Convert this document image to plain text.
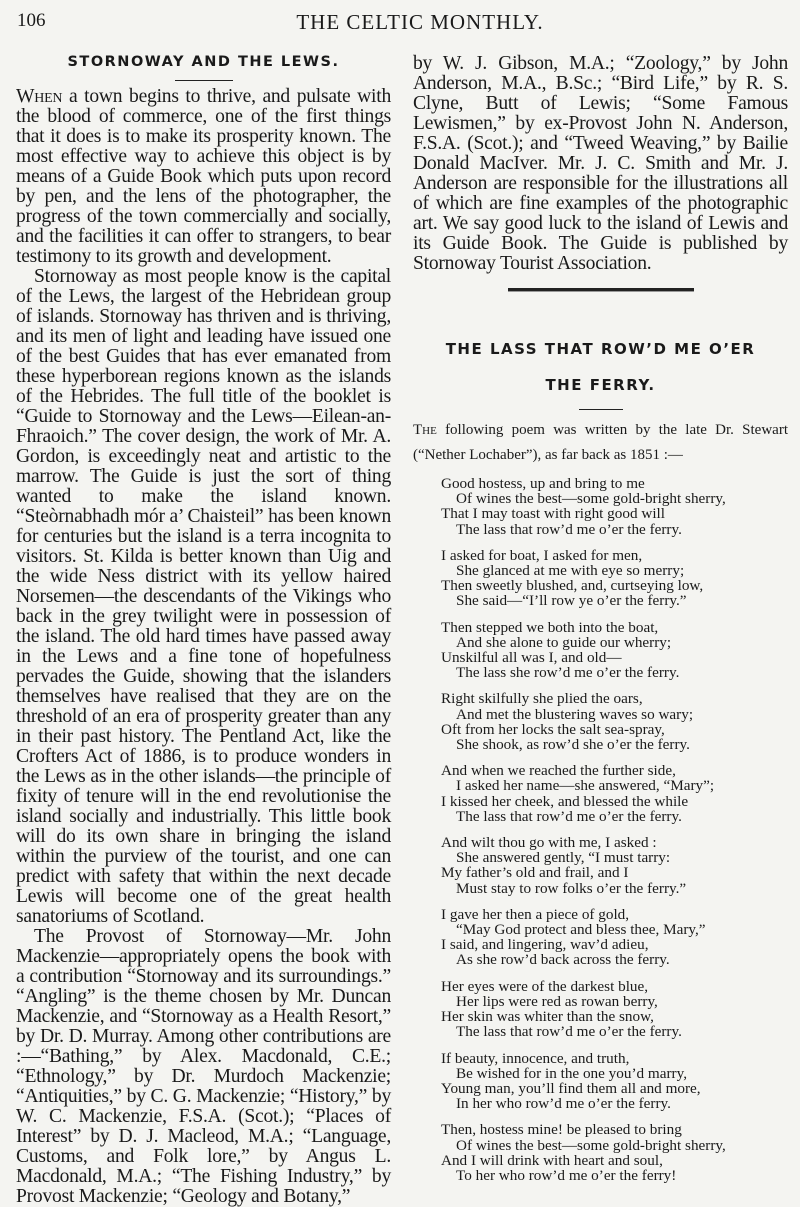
106	THE CELTIC MONTHLY.
STORNOWAY AND THE LEWS.

When a town begins to thrive, and pulsate with the blood of commerce, one of the first things that it does is to make its prosperity known. The most effective way to achieve this object is by means of a Guide Book which puts upon record by pen, and the lens of the photographer, the progress of the town commercially and socially, and the facilities it can offer to strangers, to bear testimony to its growth and development.

Stornoway as most people know is the capital of the Lews, the largest of the Hebridean group of islands. Stornoway has thriven and is thriving, and its men of light and leading have issued one of the best Guides that has ever emanated from these hyperborean regions known as the islands of the Hebrides. The full title of the booklet is “Guide to Stornoway and the Lews—Eilean-an-Fhraoich.” The cover design, the work of Mr. A. Gordon, is exceedingly neat and artistic to the marrow. The Guide is just the sort of thing wanted to make the island known. “Steòrnabhadh mór a’ Chaisteil” has been known for centuries but the island is a terra incognita to visitors. St. Kilda is better known than Uig and the wide Ness district with its yellow haired Norsemen—the descendants of the Vikings who back in the grey twilight were in possession of the island. The old hard times have passed away in the Lews and a fine tone of hopefulness pervades the Guide, showing that the islanders themselves have realised that they are on the threshold of an era of prosperity greater than any in their past history. The Pentland Act, like the Crofters Act of 1886, is to produce wonders in the Lews as in the other islands—the principle of fixity of tenure will in the end revolutionise the island socially and industrially. This little book will do its own share in bringing the island within the purview of the tourist, and one can predict with safety that within the next decade Lewis will become one of the great health sanatoriums of Scotland.

The Provost of Stornoway—Mr. John Mackenzie—appropriately opens the book with a contribution “Stornoway and its surroundings.” “Angling” is the theme chosen by Mr. Duncan Mackenzie, and “Stornoway as a Health Resort,” by Dr. D. Murray. Among other contributions are :—“Bathing,” by Alex. Macdonald, C.E.; “Ethnology,” by Dr. Murdoch Mackenzie; “Antiquities,” by C. G. Mackenzie; “History,” by W. C. Mackenzie, F.S.A. (Scot.); “Places of Interest” by D. J. Macleod, M.A.; “Language, Customs, and Folk lore,” by Angus L. Macdonald, M.A.; “The Fishing Industry,” by Provost Mackenzie; “Geology and Botany,”

by W. J. Gibson, M.A.; “Zoology,” by John Anderson, M.A., B.Sc.; “Bird Life,” by R. S. Clyne, Butt of Lewis; “Some Famous Lewismen,” by ex-Provost John N. Anderson, F.S.A. (Scot.); and “Tweed Weaving,” by Bailie Donald MacIver. Mr. J. C. Smith and Mr. J. Anderson are responsible for the illustrations all of which are fine examples of the photographic art. We say good luck to the island of Lewis and its Guide Book. The Guide is published by Stornoway Tourist Association.

THE LASS THAT ROW’D ME O’ER
THE FERRY.

The following poem was written by the late Dr. Stewart (“Nether Lochaber”), as far back as 1851 :—

Good hostess, up and bring to me
Of wines the best—some gold-bright sherry,
That I may toast with right good will
The lass that row’d me o’er the ferry.
I asked for boat, I asked for men,
She glanced at me with eye so merry;
Then sweetly blushed, and, curtseying low,
She said—“I’ll row ye o’er the ferry.”
Then stepped we both into the boat,
And she alone to guide our wherry;
Unskilful all was I, and old—
The lass she row’d me o’er the ferry.
Right skilfully she plied the oars,
And met the blustering waves so wary;
Oft from her locks the salt sea-spray,
She shook, as row’d she o’er the ferry.
And when we reached the further side,
I asked her name—she answered, “Mary”;
I kissed her cheek, and blessed the while
The lass that row’d me o’er the ferry.
And wilt thou go with me, I asked :
She answered gently, “I must tarry:
My father’s old and frail, and I
Must stay to row folks o’er the ferry.”
I gave her then a piece of gold,
“May God protect and bless thee, Mary,”
I said, and lingering, wav’d adieu,
As she row’d back across the ferry.
Her eyes were of the darkest blue,
Her lips were red as rowan berry,
Her skin was whiter than the snow,
The lass that row’d me o’er the ferry.
If beauty, innocence, and truth,
Be wished for in the one you’d marry,
Young man, you’ll find them all and more,
In her who row’d me o’er the ferry.
Then, hostess mine! be pleased to bring
Of wines the best—some gold-bright sherry,
And I will drink with heart and soul,
To her who row’d me o’er the ferry!
